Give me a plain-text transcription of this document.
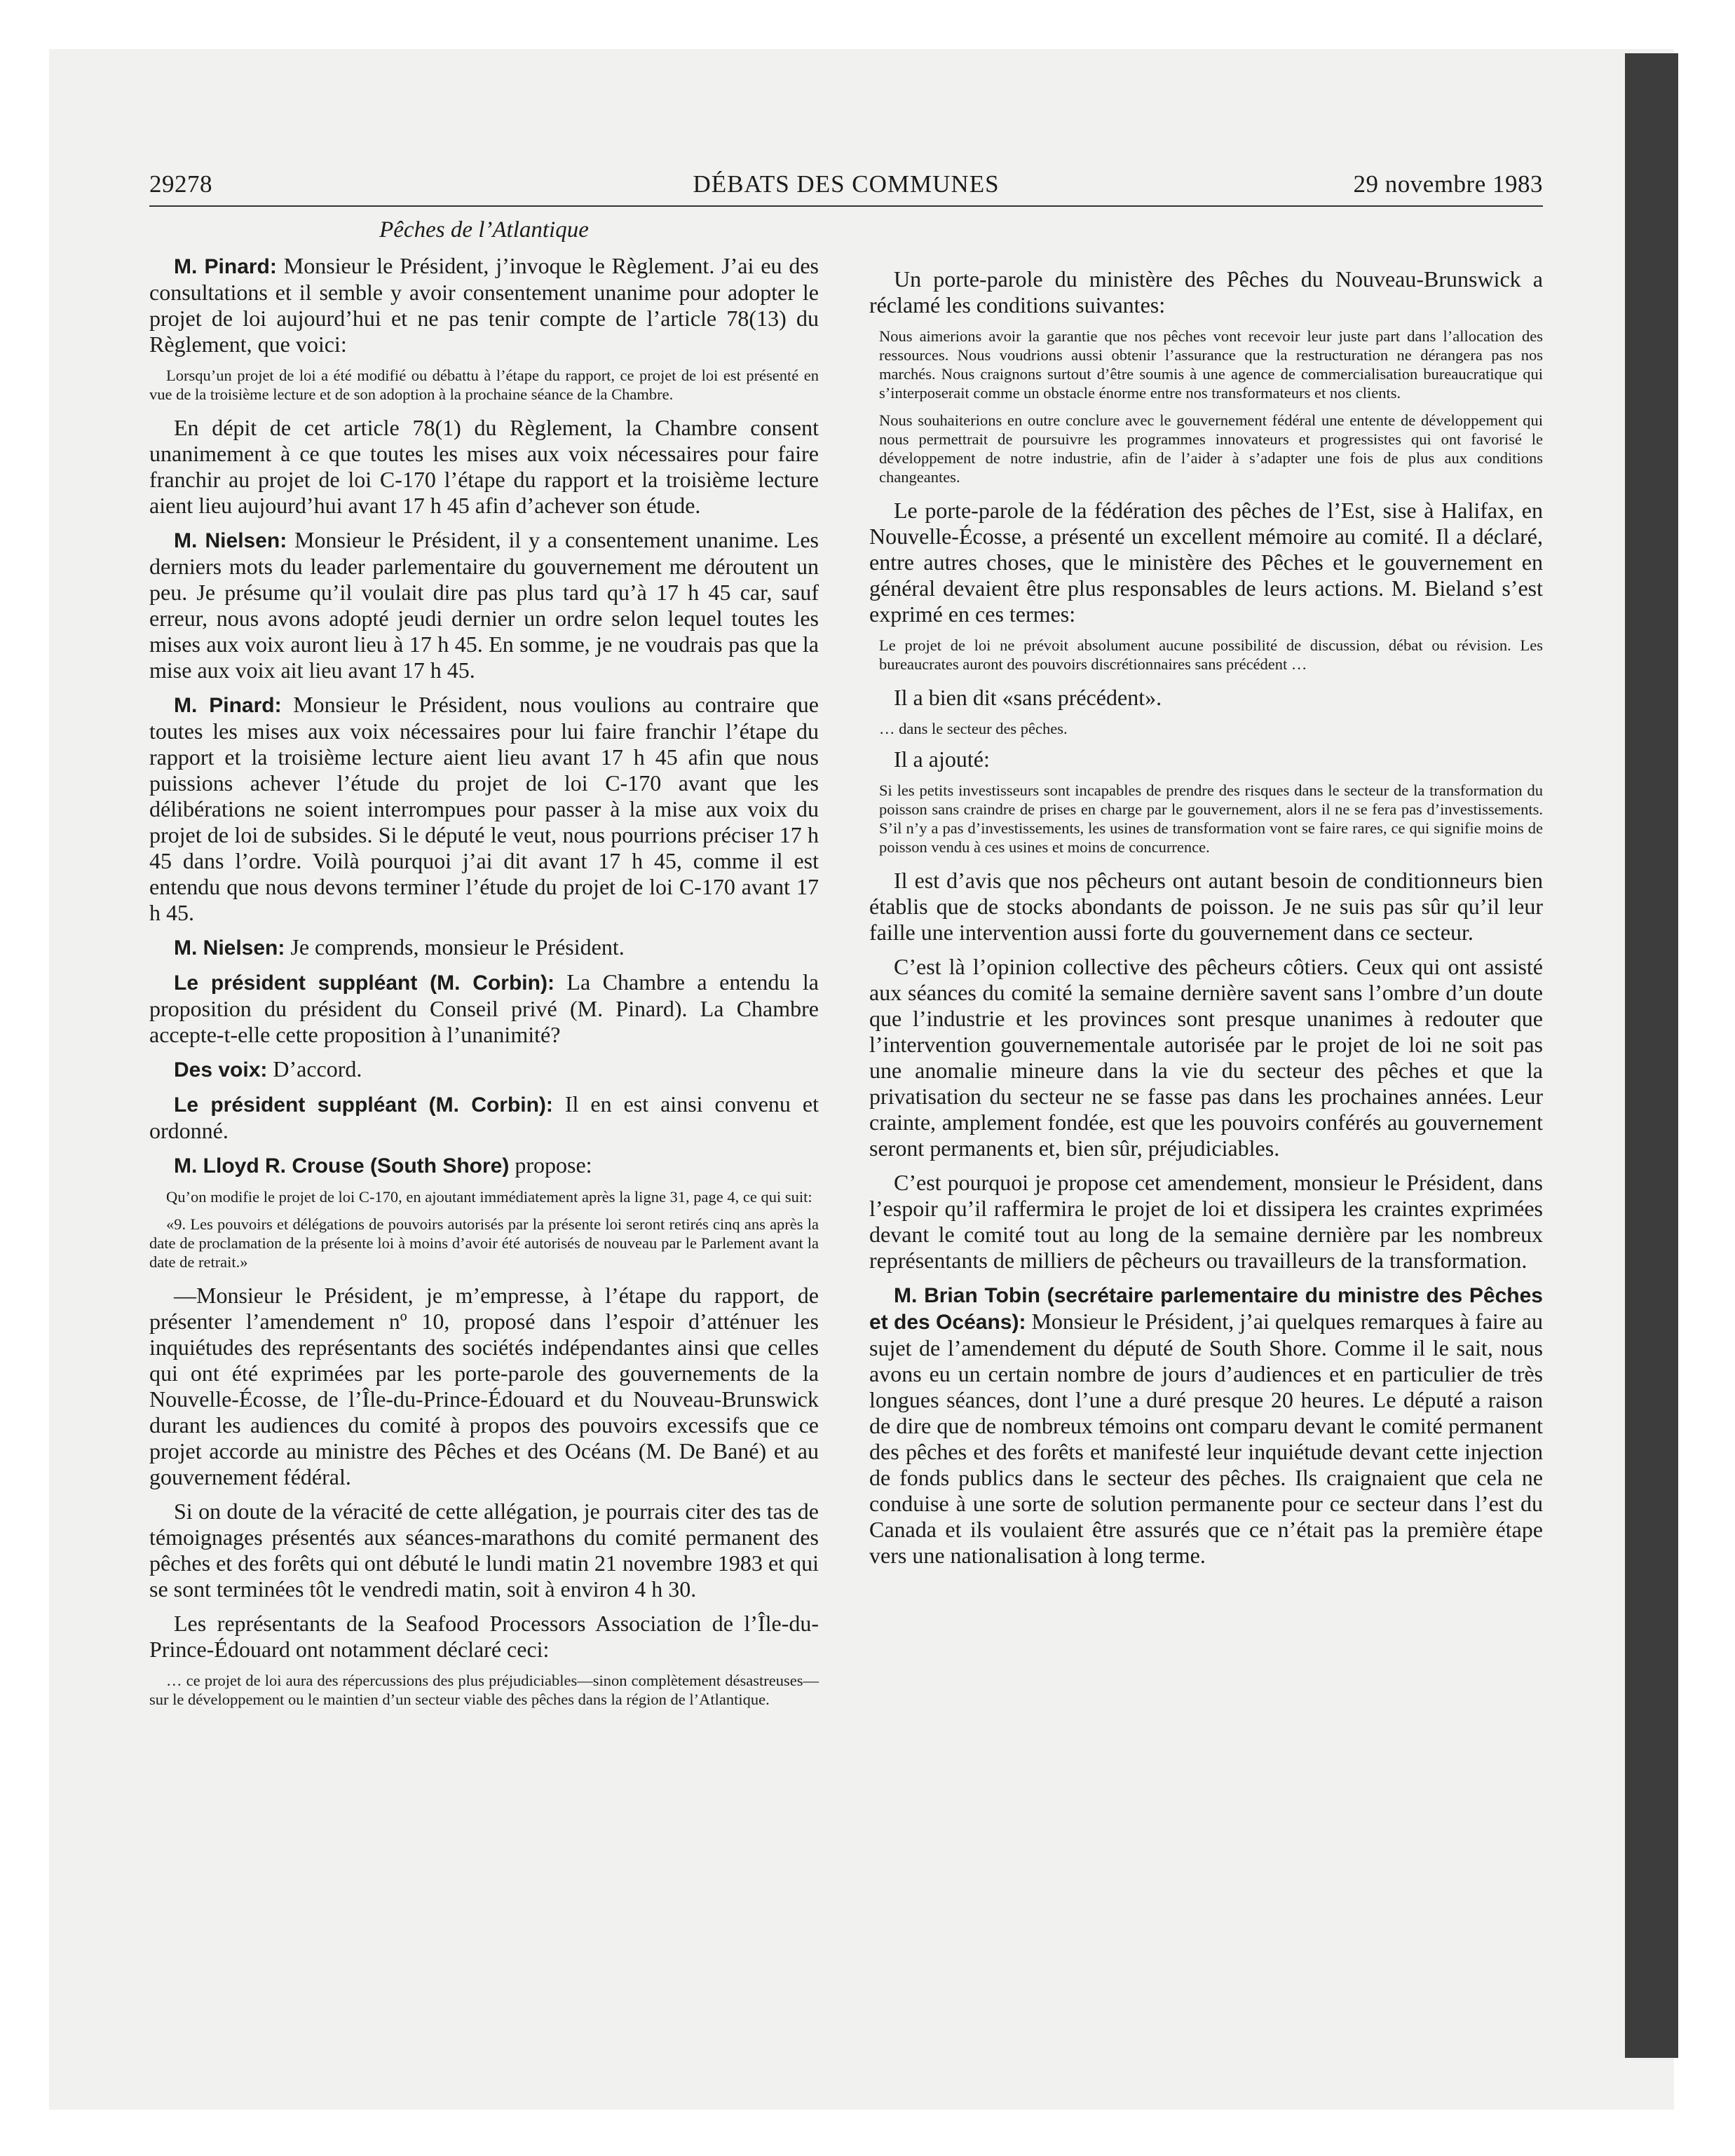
29278	DÉBATS DES COMMUNES	29 novembre 1983
Pêches de l’Atlantique

M. Pinard: Monsieur le Président, j’invoque le Règlement. J’ai eu des consultations et il semble y avoir consentement unanime pour adopter le projet de loi aujourd’hui et ne pas tenir compte de l’article 78(13) du Règlement, que voici:

Lorsqu’un projet de loi a été modifié ou débattu à l’étape du rapport, ce projet de loi est présenté en vue de la troisième lecture et de son adoption à la prochaine séance de la Chambre.

En dépit de cet article 78(1) du Règlement, la Chambre consent unanimement à ce que toutes les mises aux voix nécessaires pour faire franchir au projet de loi C-170 l’étape du rapport et la troisième lecture aient lieu aujourd’hui avant 17 h 45 afin d’achever son étude.

M. Nielsen: Monsieur le Président, il y a consentement unanime. Les derniers mots du leader parlementaire du gouvernement me déroutent un peu. Je présume qu’il voulait dire pas plus tard qu’à 17 h 45 car, sauf erreur, nous avons adopté jeudi dernier un ordre selon lequel toutes les mises aux voix auront lieu à 17 h 45. En somme, je ne voudrais pas que la mise aux voix ait lieu avant 17 h 45.

M. Pinard: Monsieur le Président, nous voulions au contraire que toutes les mises aux voix nécessaires pour lui faire franchir l’étape du rapport et la troisième lecture aient lieu avant 17 h 45 afin que nous puissions achever l’étude du projet de loi C-170 avant que les délibérations ne soient interrompues pour passer à la mise aux voix du projet de loi de subsides. Si le député le veut, nous pourrions préciser 17 h 45 dans l’ordre. Voilà pourquoi j’ai dit avant 17 h 45, comme il est entendu que nous devons terminer l’étude du projet de loi C-170 avant 17 h 45.

M. Nielsen: Je comprends, monsieur le Président.

Le président suppléant (M. Corbin): La Chambre a entendu la proposition du président du Conseil privé (M. Pinard). La Chambre accepte-t-elle cette proposition à l’unanimité?

Des voix: D’accord.

Le président suppléant (M. Corbin): Il en est ainsi convenu et ordonné.

M. Lloyd R. Crouse (South Shore) propose:

Qu’on modifie le projet de loi C-170, en ajoutant immédiatement après la ligne 31, page 4, ce qui suit:

«9. Les pouvoirs et délégations de pouvoirs autorisés par la présente loi seront retirés cinq ans après la date de proclamation de la présente loi à moins d’avoir été autorisés de nouveau par le Parlement avant la date de retrait.»

—Monsieur le Président, je m’empresse, à l’étape du rapport, de présenter l’amendement nº 10, proposé dans l’espoir d’atténuer les inquiétudes des représentants des sociétés indépendantes ainsi que celles qui ont été exprimées par les porte-parole des gouvernements de la Nouvelle-Écosse, de l’Île-du-Prince-Édouard et du Nouveau-Brunswick durant les audiences du comité à propos des pouvoirs excessifs que ce projet accorde au ministre des Pêches et des Océans (M. De Bané) et au gouvernement fédéral.

Si on doute de la véracité de cette allégation, je pourrais citer des tas de témoignages présentés aux séances-marathons du comité permanent des pêches et des forêts qui ont débuté le lundi matin 21 novembre 1983 et qui se sont terminées tôt le vendredi matin, soit à environ 4 h 30.

Les représentants de la Seafood Processors Association de l’Île-du-Prince-Édouard ont notamment déclaré ceci:

… ce projet de loi aura des répercussions des plus préjudiciables—sinon complètement désastreuses—sur le développement ou le maintien d’un secteur viable des pêches dans la région de l’Atlantique.

Un porte-parole du ministère des Pêches du Nouveau-Brunswick a réclamé les conditions suivantes:

Nous aimerions avoir la garantie que nos pêches vont recevoir leur juste part dans l’allocation des ressources. Nous voudrions aussi obtenir l’assurance que la restructuration ne dérangera pas nos marchés. Nous craignons surtout d’être soumis à une agence de commercialisation bureaucratique qui s’interposerait comme un obstacle énorme entre nos transformateurs et nos clients.

Nous souhaiterions en outre conclure avec le gouvernement fédéral une entente de développement qui nous permettrait de poursuivre les programmes innovateurs et progressistes qui ont favorisé le développement de notre industrie, afin de l’aider à s’adapter une fois de plus aux conditions changeantes.

Le porte-parole de la fédération des pêches de l’Est, sise à Halifax, en Nouvelle-Écosse, a présenté un excellent mémoire au comité. Il a déclaré, entre autres choses, que le ministère des Pêches et le gouvernement en général devaient être plus responsables de leurs actions. M. Bieland s’est exprimé en ces termes:

Le projet de loi ne prévoit absolument aucune possibilité de discussion, débat ou révision. Les bureaucrates auront des pouvoirs discrétionnaires sans précédent …

Il a bien dit «sans précédent».

… dans le secteur des pêches.

Il a ajouté:

Si les petits investisseurs sont incapables de prendre des risques dans le secteur de la transformation du poisson sans craindre de prises en charge par le gouvernement, alors il ne se fera pas d’investissements. S’il n’y a pas d’investissements, les usines de transformation vont se faire rares, ce qui signifie moins de poisson vendu à ces usines et moins de concurrence.

Il est d’avis que nos pêcheurs ont autant besoin de conditionneurs bien établis que de stocks abondants de poisson. Je ne suis pas sûr qu’il leur faille une intervention aussi forte du gouvernement dans ce secteur.

C’est là l’opinion collective des pêcheurs côtiers. Ceux qui ont assisté aux séances du comité la semaine dernière savent sans l’ombre d’un doute que l’industrie et les provinces sont presque unanimes à redouter que l’intervention gouvernementale autorisée par le projet de loi ne soit pas une anomalie mineure dans la vie du secteur des pêches et que la privatisation du secteur ne se fasse pas dans les prochaines années. Leur crainte, amplement fondée, est que les pouvoirs conférés au gouvernement seront permanents et, bien sûr, préjudiciables.

C’est pourquoi je propose cet amendement, monsieur le Président, dans l’espoir qu’il raffermira le projet de loi et dissipera les craintes exprimées devant le comité tout au long de la semaine dernière par les nombreux représentants de milliers de pêcheurs ou travailleurs de la transformation.

M. Brian Tobin (secrétaire parlementaire du ministre des Pêches et des Océans): Monsieur le Président, j’ai quelques remarques à faire au sujet de l’amendement du député de South Shore. Comme il le sait, nous avons eu un certain nombre de jours d’audiences et en particulier de très longues séances, dont l’une a duré presque 20 heures. Le député a raison de dire que de nombreux témoins ont comparu devant le comité permanent des pêches et des forêts et manifesté leur inquiétude devant cette injection de fonds publics dans le secteur des pêches. Ils craignaient que cela ne conduise à une sorte de solution permanente pour ce secteur dans l’est du Canada et ils voulaient être assurés que ce n’était pas la première étape vers une nationalisation à long terme.
